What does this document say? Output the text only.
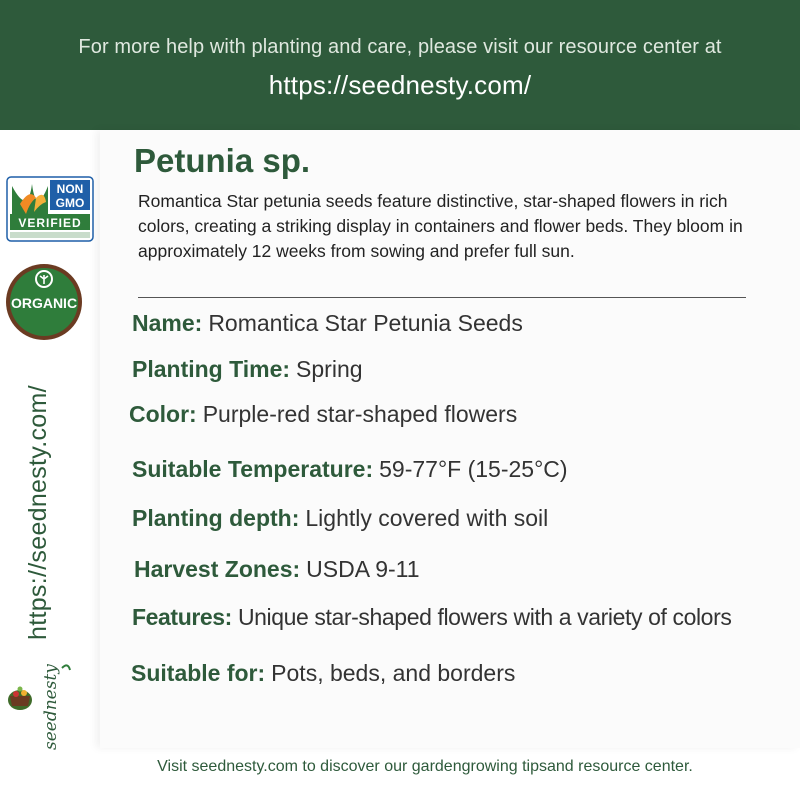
For more help with planting and care, please visit our resource center at
https://seednesty.com/
NON
GMO
VERIFIED
ORGANIC
https://seednesty.com/
seednesty
Petunia sp.
Romantica Star petunia seeds feature distinctive, star-shaped flowers in rich colors, creating a striking display in containers and flower beds. They bloom in approximately 12 weeks from sowing and prefer full sun.
Name: Romantica Star Petunia Seeds
Planting Time: Spring
Color: Purple-red star-shaped flowers
Suitable Temperature: 59-77°F (15-25°C)
Planting depth: Lightly covered with soil
Harvest Zones: USDA 9-11
Features: Unique star-shaped flowers with a variety of colors
Suitable for: Pots, beds, and borders
Visit seednesty.com to discover our gardengrowing tipsand resource center.
